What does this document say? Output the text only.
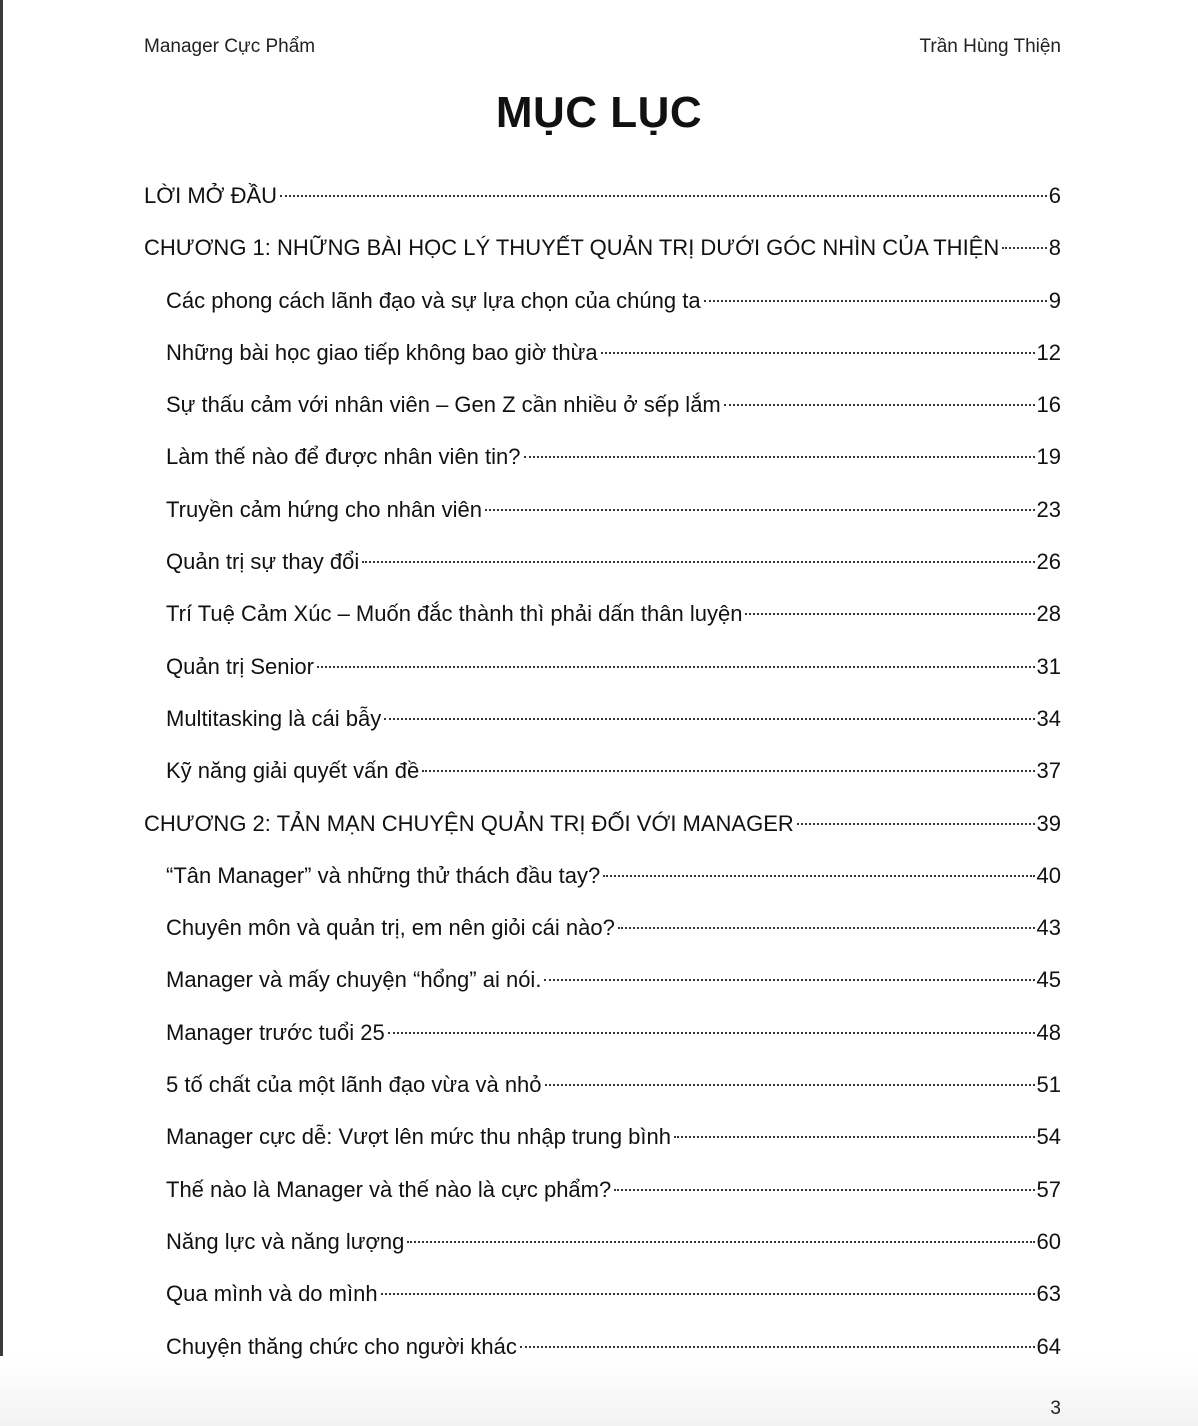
Manager Cực Phẩm	Trần Hùng Thiện
MỤC LỤC
LỜI MỞ ĐẦU	6
CHƯƠNG 1: NHỮNG BÀI HỌC LÝ THUYẾT QUẢN TRỊ DƯỚI GÓC NHÌN CỦA THIỆN 8
Các phong cách lãnh đạo và sự lựa chọn của chúng ta	9
Những bài học giao tiếp không bao giờ thừa	12
Sự thấu cảm với nhân viên – Gen Z cần nhiều ở sếp lắm	16
Làm thế nào để được nhân viên tin?	19
Truyền cảm hứng cho nhân viên	23
Quản trị sự thay đổi	26
Trí Tuệ Cảm Xúc – Muốn đắc thành thì phải dấn thân luyện	28
Quản trị Senior	31
Multitasking là cái bẫy	34
Kỹ năng giải quyết vấn đề	37
CHƯƠNG 2: TẢN MẠN CHUYỆN QUẢN TRỊ ĐỐI VỚI MANAGER	39
“Tân Manager” và những thử thách đầu tay?	40
Chuyên môn và quản trị, em nên giỏi cái nào?	43
Manager và mấy chuyện “hổng” ai nói.	45
Manager trước tuổi 25	48
5 tố chất của một lãnh đạo vừa và nhỏ	51
Manager cực dễ: Vượt lên mức thu nhập trung bình	54
Thế nào là Manager và thế nào là cực phẩm?	57
Năng lực và năng lượng	60
Qua mình và do mình	63
Chuyện thăng chức cho người khác	64
3
